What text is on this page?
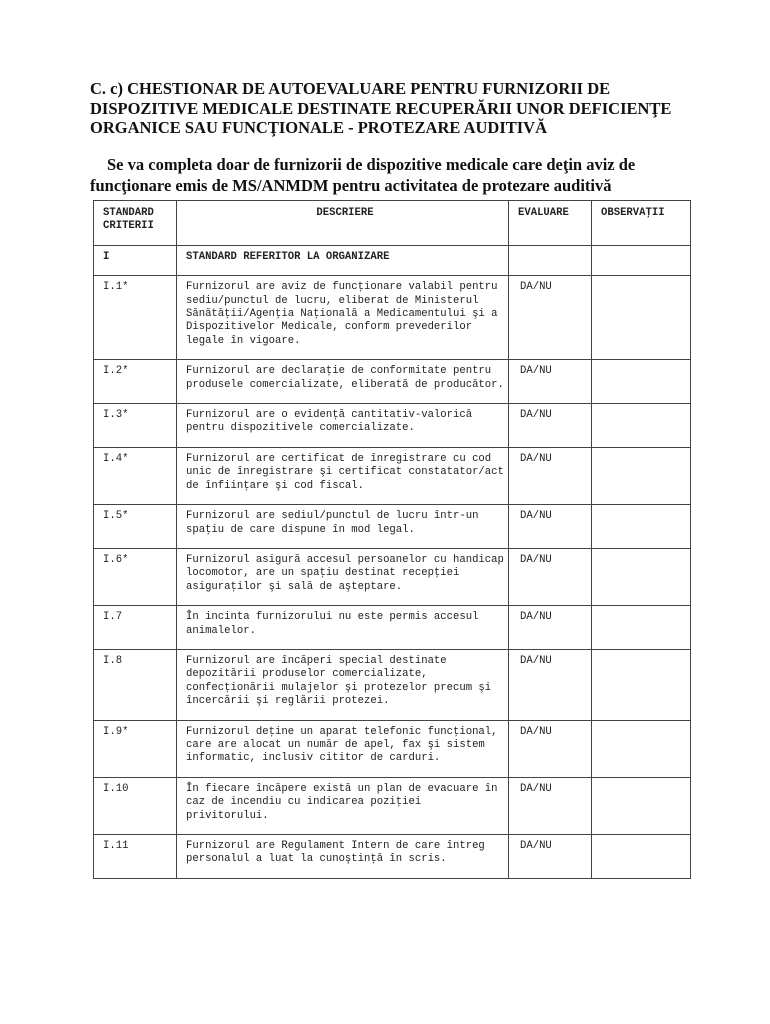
C. c) CHESTIONAR DE AUTOEVALUARE PENTRU FURNIZORII DE
DISPOZITIVE MEDICALE DESTINATE RECUPERĂRII UNOR DEFICIENŢE
ORGANICE SAU FUNCŢIONALE - PROTEZARE AUDITIVĂ

Se va completa doar de furnizorii de dispozitive medicale care deţin aviz de
funcţionare emis de MS/ANMDM pentru activitatea de protezare auditivă

STANDARD CRITERII	DESCRIERE	EVALUARE	OBSERVAŢII
I	STANDARD REFERITOR LA ORGANIZARE		
I.1*	Furnizorul are aviz de funcţionare valabil pentru sediu/punctul de lucru, eliberat de Ministerul Sănătăţii/Agenţia Naţională a Medicamentului şi a Dispozitivelor Medicale, conform prevederilor legale în vigoare.	DA/NU	
I.2*	Furnizorul are declaraţie de conformitate pentru produsele comercializate, eliberată de producător.	DA/NU	
I.3*	Furnizorul are o evidenţă cantitativ-valorică pentru dispozitivele comercializate.	DA/NU	
I.4*	Furnizorul are certificat de înregistrare cu cod unic de înregistrare şi certificat constatator/act de înfiinţare şi cod fiscal.	DA/NU	
I.5*	Furnizorul are sediul/punctul de lucru într-un spaţiu de care dispune în mod legal.	DA/NU	
I.6*	Furnizorul asigură accesul persoanelor cu handicap locomotor, are un spaţiu destinat recepţiei asiguraţilor şi sală de aşteptare.	DA/NU	
I.7	În incinta furnizorului nu este permis accesul animalelor.	DA/NU	
I.8	Furnizorul are încăperi special destinate depozitării produselor comercializate, confecţionării mulajelor şi protezelor precum şi încercării şi reglării protezei.	DA/NU	
I.9*	Furnizorul deţine un aparat telefonic funcţional, care are alocat un număr de apel, fax şi sistem informatic, inclusiv cititor de carduri.	DA/NU	
I.10	În fiecare încăpere există un plan de evacuare în caz de incendiu cu indicarea poziţiei privitorului.	DA/NU	
I.11	Furnizorul are Regulament Intern de care întreg personalul a luat la cunoştinţă în scris.	DA/NU	
